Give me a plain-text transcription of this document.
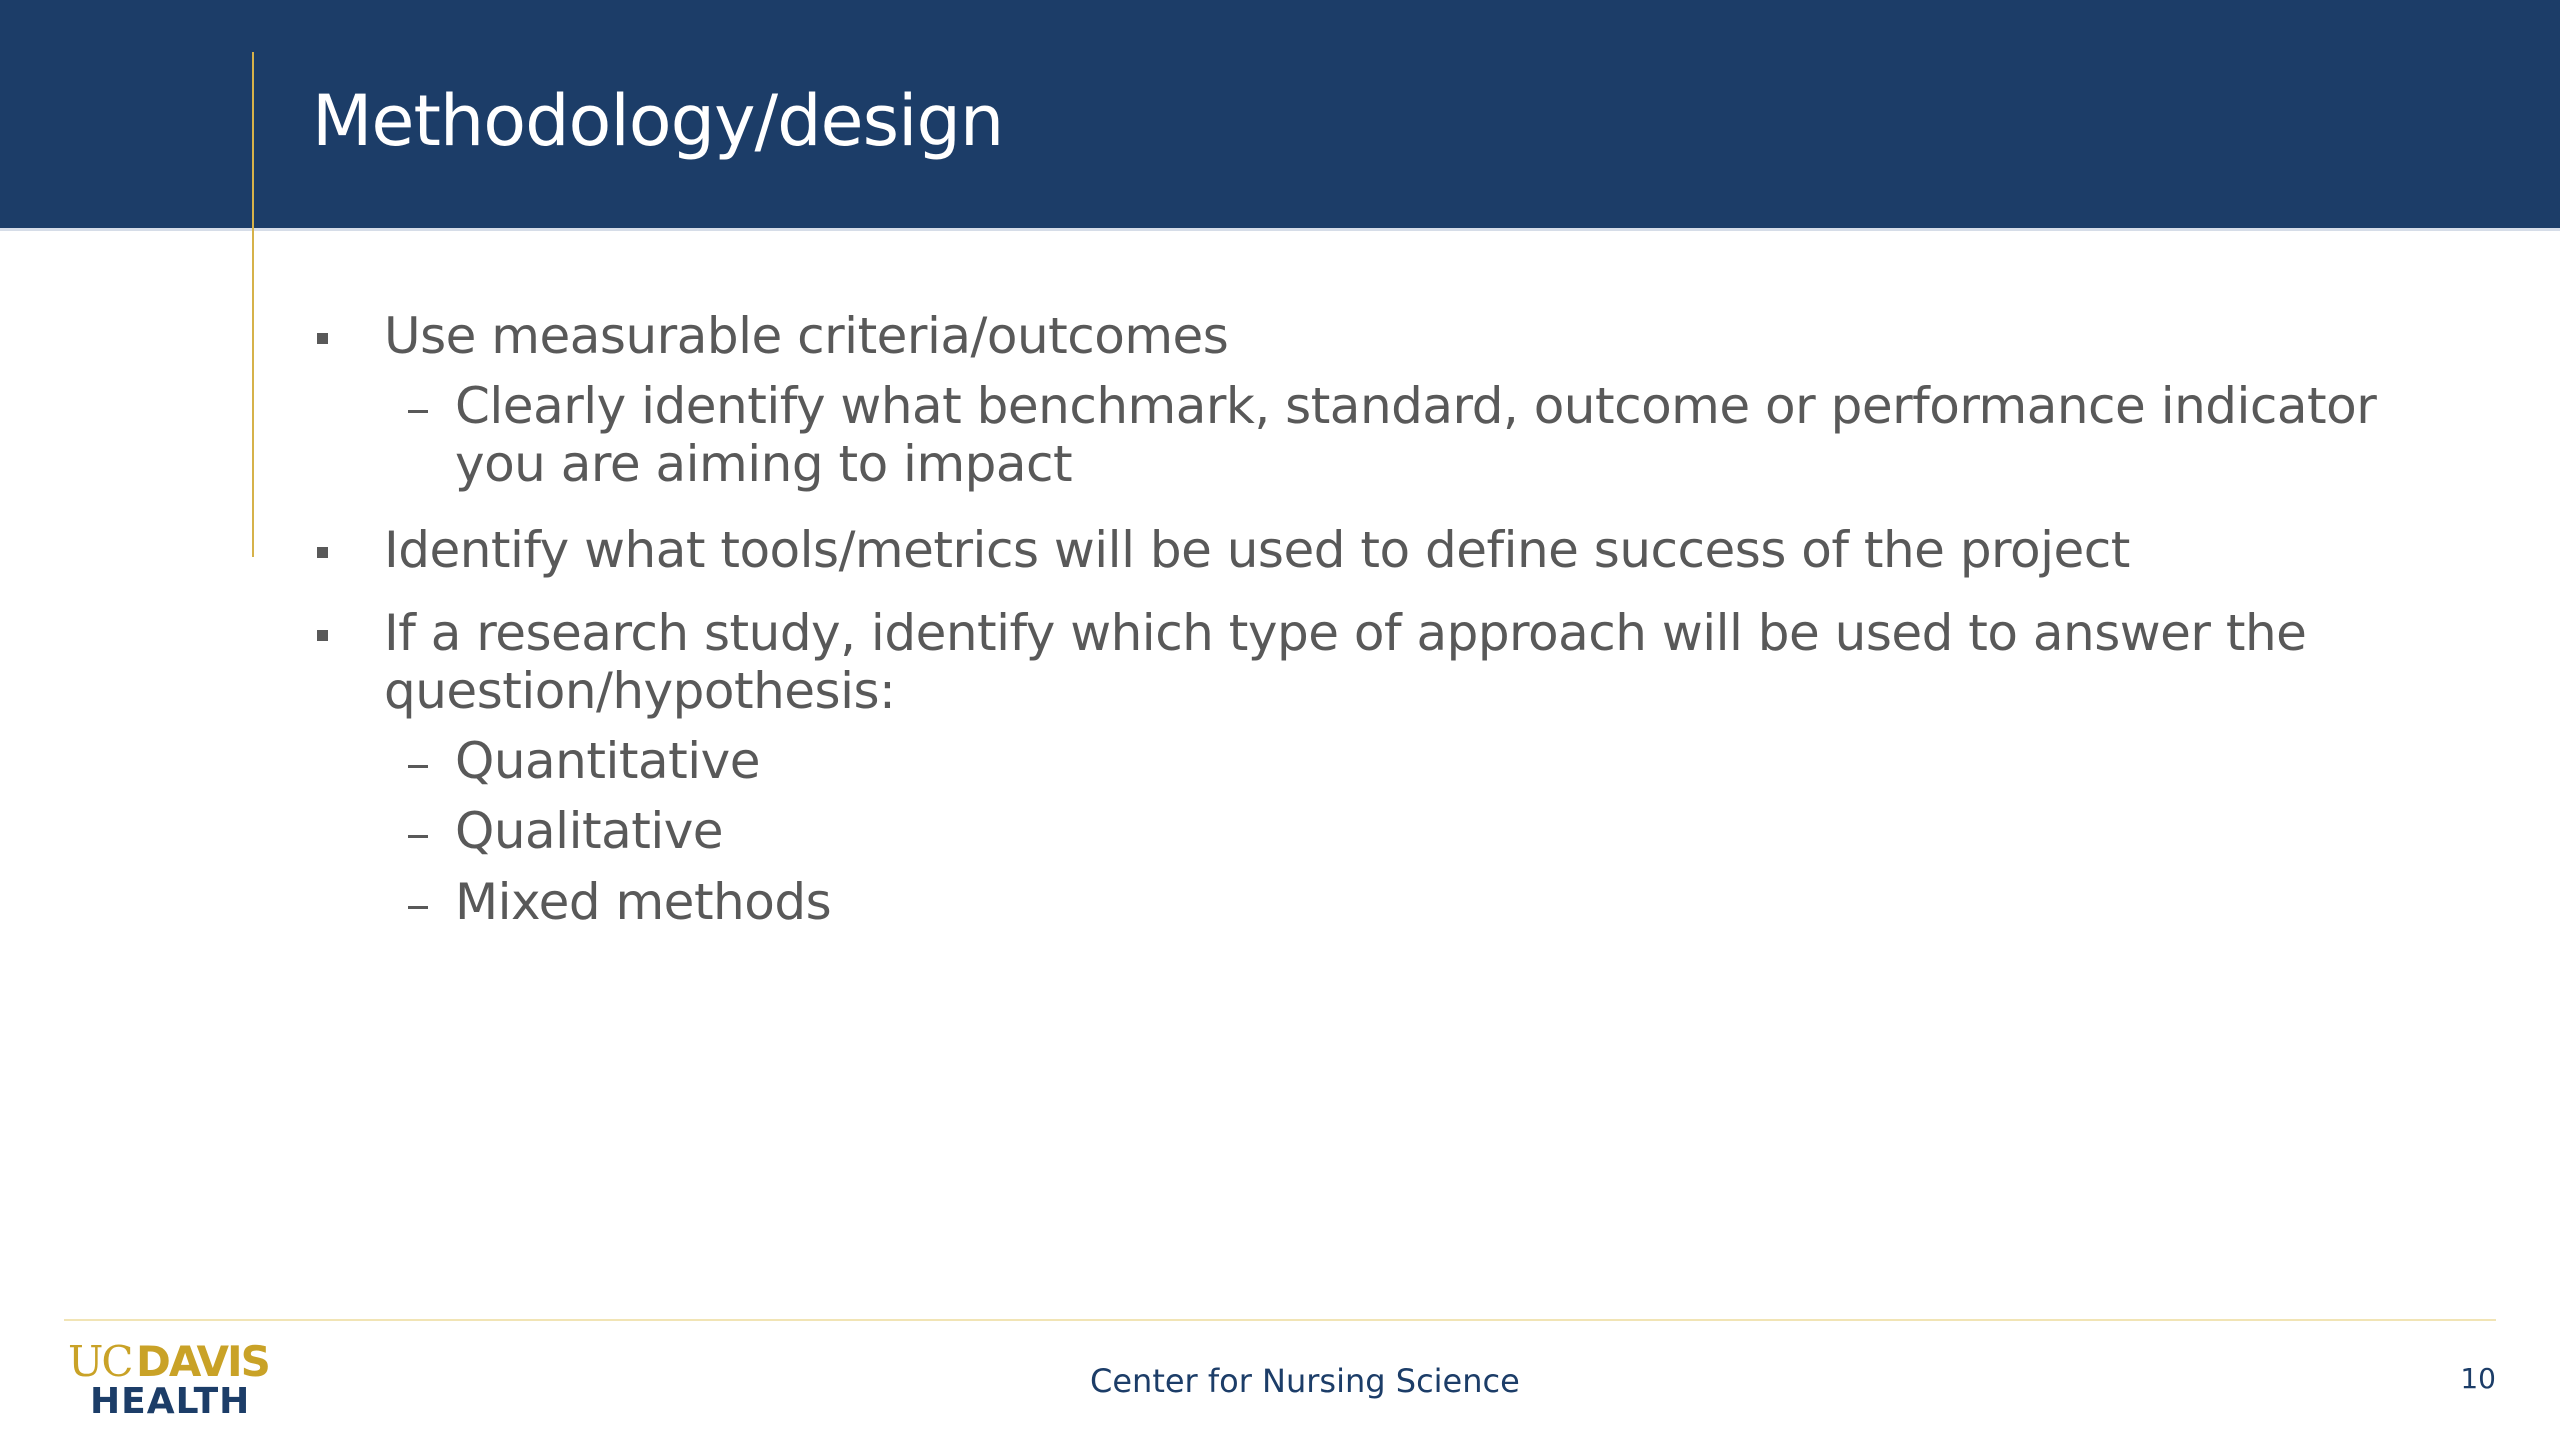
Methodology/design
Use measurable criteria/outcomes
Clearly identify what benchmark, standard, outcome or performance indicator
you are aiming to impact
Identify what tools/metrics will be used to define success of the project
If a research study, identify which type of approach will be used to answer the
question/hypothesis:
Quantitative
Qualitative
Mixed methods
UC DAVIS
HEALTH	Center for Nursing Science	10
